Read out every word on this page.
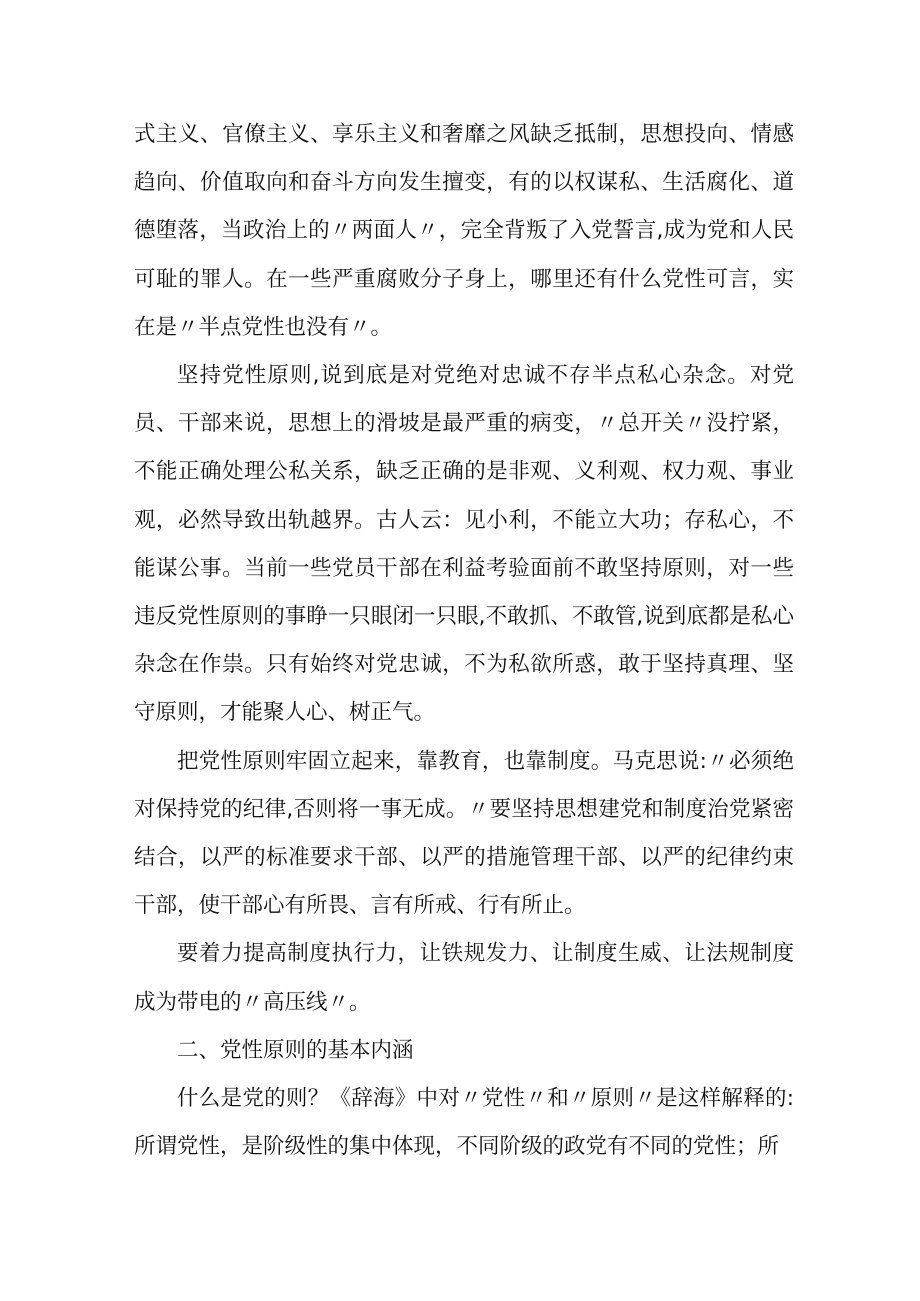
式主义、官僚主义、享乐主义和奢靡之风缺乏抵制，思想投向、情感趋向、价值取向和奋斗方向发生擅变，有的以权谋私、生活腐化、道德堕落，当政治上的〃两面人〃，完全背叛了入党誓言,成为党和人民可耻的罪人。在一些严重腐败分子身上，哪里还有什么党性可言，实在是〃半点党性也没有〃。

坚持党性原则,说到底是对党绝对忠诚不存半点私心杂念。对党员、干部来说，思想上的滑坡是最严重的病变，〃总开关〃没拧紧，不能正确处理公私关系，缺乏正确的是非观、义利观、权力观、事业观，必然导致出轨越界。古人云：见小利，不能立大功；存私心，不能谋公事。当前一些党员干部在利益考验面前不敢坚持原则，对一些违反党性原则的事睁一只眼闭一只眼,不敢抓、不敢管,说到底都是私心杂念在作祟。只有始终对党忠诚，不为私欲所惑，敢于坚持真理、坚守原则，才能聚人心、树正气。

把党性原则牢固立起来，靠教育，也靠制度。马克思说:〃必须绝对保持党的纪律,否则将一事无成。〃要坚持思想建党和制度治党紧密结合，以严的标准要求干部、以严的措施管理干部、以严的纪律约束干部，使干部心有所畏、言有所戒、行有所止。

要着力提高制度执行力，让铁规发力、让制度生威、让法规制度成为带电的〃高压线〃。

二、党性原则的基本内涵

什么是党的则？《辞海》中对〃党性〃和〃原则〃是这样解释的:所谓党性，是阶级性的集中体现，不同阶级的政党有不同的党性；所
